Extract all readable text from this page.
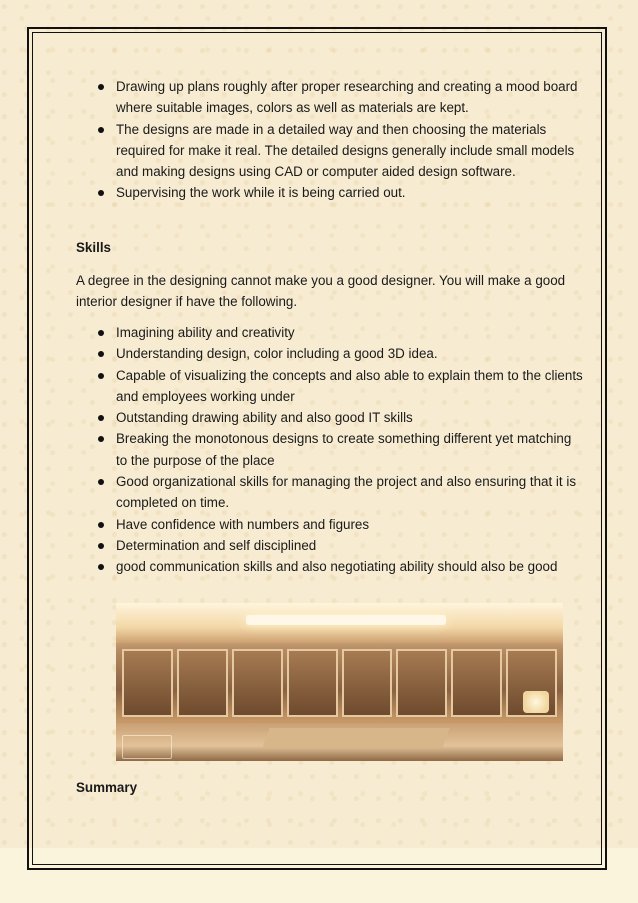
Drawing up plans roughly after proper researching and creating a mood board where suitable images, colors as well as materials are kept.
The designs are made in a detailed way and then choosing the materials required for make it real. The detailed designs generally include small models and making designs using CAD or computer aided design software.
Supervising the work while it is being carried out.
Skills
A degree in the designing cannot make you a good designer. You will make a good interior designer if have the following.
Imagining ability and creativity
Understanding design, color including a good 3D idea.
Capable of visualizing the concepts and also able to explain them to the clients and employees working under
Outstanding drawing ability and also good IT skills
Breaking the monotonous designs to create something different yet matching to the purpose of the place
Good organizational skills for managing the project and also ensuring that it is completed on time.
Have confidence with numbers and figures
Determination and self disciplined
good communication skills and also negotiating ability should also be good
Summary
